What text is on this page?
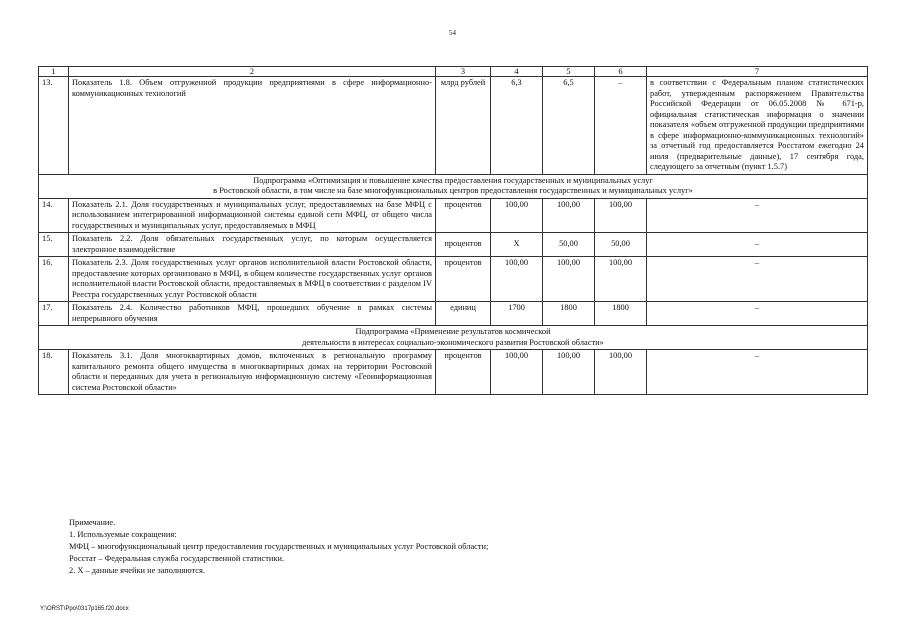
54
1	2	3	4	5	6	7
13.	Показатель 1.8. Объем отгруженной продукции предприятиями в сфере информационно-коммуникационных технологий	млрд рублей	6,3	6,5	–	в соответствии с Федеральным планом статистических работ, утвержденным распоряжением Правительства Российской Федерации от 06.05.2008 № 671-р, официальная статистическая информация о значении показателя «объем отгруженной продукции предприятиями в сфере информационно-коммуникационных технологий» за отчетный год предоставляется Росстатом ежегодно 24 июля (предварительные данные), 17 сентября года, следующего за отчетным (пункт 1.5.7)

Подпрограмма «Оптимизация и повышение качества предоставления государственных и муниципальных услуг
в Ростовской области, в том числе на базе многофункциональных центров предоставления государственных и муниципальных услуг»						

14.	Показатель 2.1. Доля государственных и муниципальных услуг, предоставляемых на базе МФЦ с использованием интегрированной информационной системы единой сети МФЦ, от общего числа государственных и муниципальных услуг, предоставляемых в МФЦ	процентов	100,00	100,00	100,00	–
15.	Показатель 2.2. Доля обязательных государственных услуг, по которым осуществляется электронное взаимодействие	процентов	Х	50,00	50,00	–
16.	Показатель 2.3. Доля государственных услуг органов исполнительной власти Ростовской области, предоставление которых организовано в МФЦ, в общем количестве государственных услуг органов исполнительной власти Ростовской области, предоставляемых в МФЦ в соответствии с разделом IV Реестра государственных услуг Ростовской области	процентов	100,00	100,00	100,00	–
17.	Показатель 2.4. Количество работников МФЦ, прошедших обучение в рамках системы непрерывного обучения	единиц	1700	1800	1800	–

Подпрограмма «Применение результатов космической
деятельности в интересах социально-экономического развития Ростовской области»						

18.	Показатель 3.1. Доля многоквартирных домов, включенных в региональную программу капитального ремонта общего имущества в многоквартирных домах на территории Ростовской области и переданных для учета в региональную информационную систему «Геоинформационная система Ростовской области»	процентов	100,00	100,00	100,00	–
Примечание.
1. Используемые сокращения:
МФЦ – многофункциональный центр предоставления государственных и муниципальных услуг Ростовской области;
Росстат – Федеральная служба государственной статистики.
2. Х – данные ячейки не заполняются.
Y:\ORST\Ppo\0317p165.f20.docx
